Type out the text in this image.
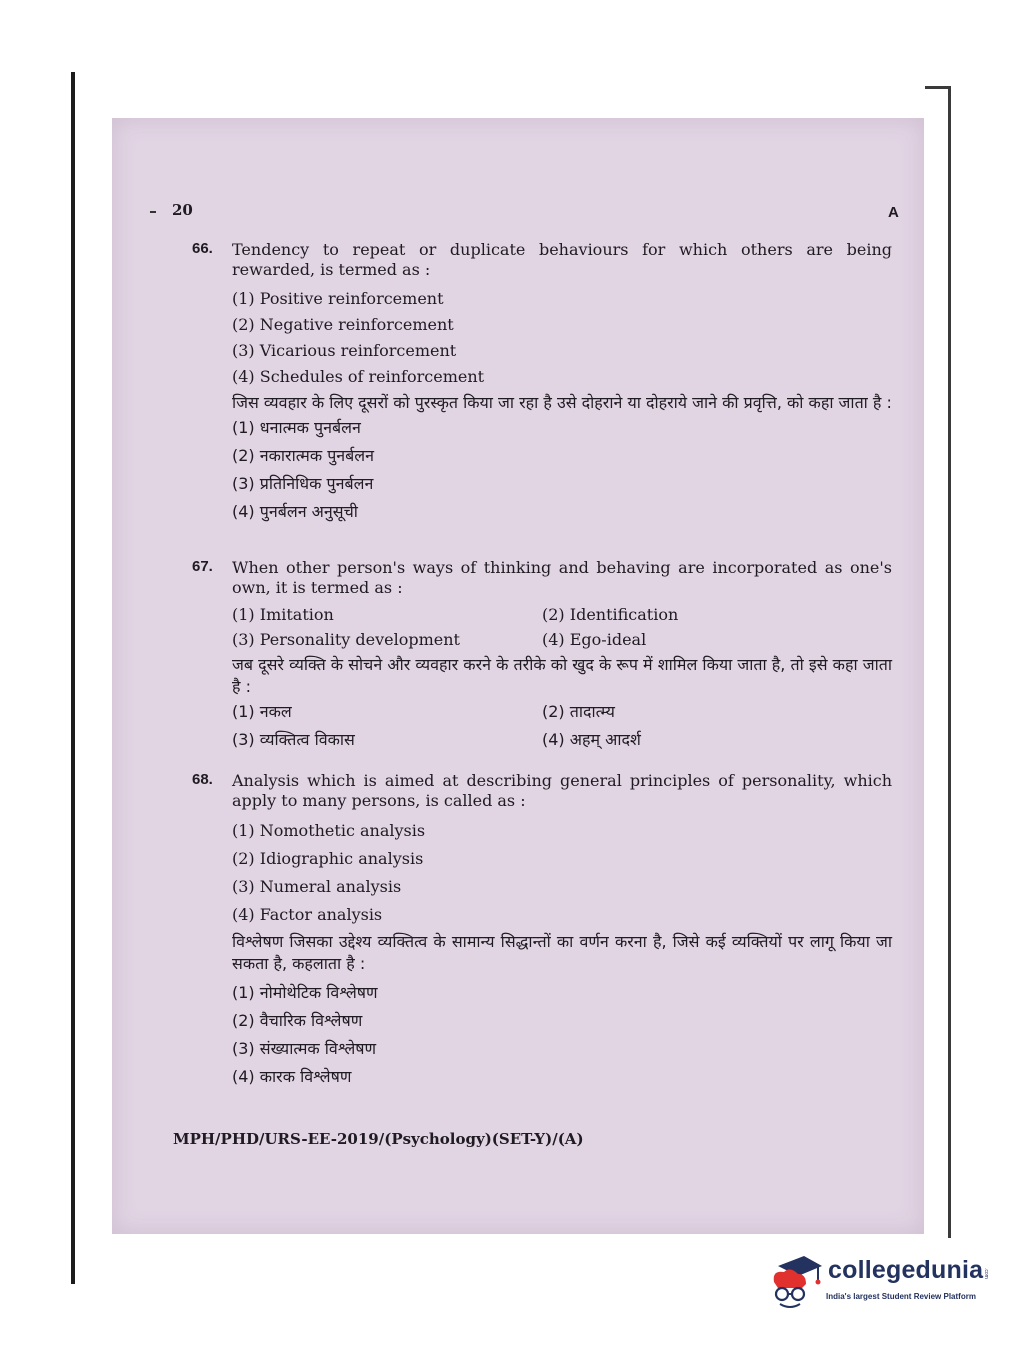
20	A
66. Tendency to repeat or duplicate behaviours for which others are being rewarded, is termed as :
(1) Positive reinforcement
(2) Negative reinforcement
(3) Vicarious reinforcement
(4) Schedules of reinforcement
जिस व्यवहार के लिए दूसरों को पुरस्कृत किया जा रहा है उसे दोहराने या दोहराये जाने की प्रवृत्ति, को कहा जाता है :
(1) धनात्मक पुनर्बलन
(2) नकारात्मक पुनर्बलन
(3) प्रतिनिधिक पुनर्बलन
(4) पुनर्बलन अनुसूची
67. When other person's ways of thinking and behaving are incorporated as one's own, it is termed as :
(1) Imitation	(2) Identification
(3) Personality development	(4) Ego-ideal
जब दूसरे व्यक्ति के सोचने और व्यवहार करने के तरीके को खुद के रूप में शामिल किया जाता है, तो इसे कहा जाता है :
(1) नकल	(2) तादात्म्य
(3) व्यक्तित्व विकास	(4) अहम् आदर्श
68. Analysis which is aimed at describing general principles of personality, which apply to many persons, is called as :
(1) Nomothetic analysis
(2) Idiographic analysis
(3) Numeral analysis
(4) Factor analysis
विश्लेषण जिसका उद्देश्य व्यक्तित्व के सामान्य सिद्धान्तों का वर्णन करना है, जिसे कई व्यक्तियों पर लागू किया जा सकता है, कहलाता है :
(1) नोमोथेटिक विश्लेषण
(2) वैचारिक विश्लेषण
(3) संख्यात्मक विश्लेषण
(4) कारक विश्लेषण
MPH/PHD/URS-EE-2019/(Psychology)(SET-Y)/(A)
collegedunia .com
India's largest Student Review Platform
